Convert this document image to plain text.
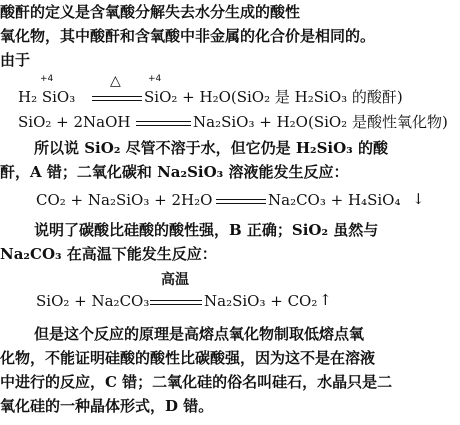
酸酐的定义是含氧酸分解失去水分生成的酸性
氧化物，其中酸酐和含氧酸中非金属的化合价是相同的。
由于
+4	+4
△
H₂ SiO₃	SiO₂ + H₂O(SiO₂ 是 H₂SiO₃ 的酸酐)
SiO₂ + 2NaOH	Na₂SiO₃ + H₂O(SiO₂ 是酸性氧化物)
所以说 SiO₂ 尽管不溶于水，但它仍是 H₂SiO₃ 的酸
酐，A 错；二氧化碳和 Na₂SiO₃ 溶液能发生反应：
CO₂ + Na₂SiO₃ + 2H₂O	Na₂CO₃ + H₄SiO₄ ↓
说明了碳酸比硅酸的酸性强，B 正确；SiO₂ 虽然与
Na₂CO₃ 在高温下能发生反应：
高温
SiO₂ + Na₂CO₃	Na₂SiO₃ + CO₂ ↑
但是这个反应的原理是高熔点氧化物制取低熔点氧
化物，不能证明硅酸的酸性比碳酸强，因为这不是在溶液
中进行的反应，C 错；二氧化硅的俗名叫硅石，水晶只是二
氧化硅的一种晶体形式，D 错。
